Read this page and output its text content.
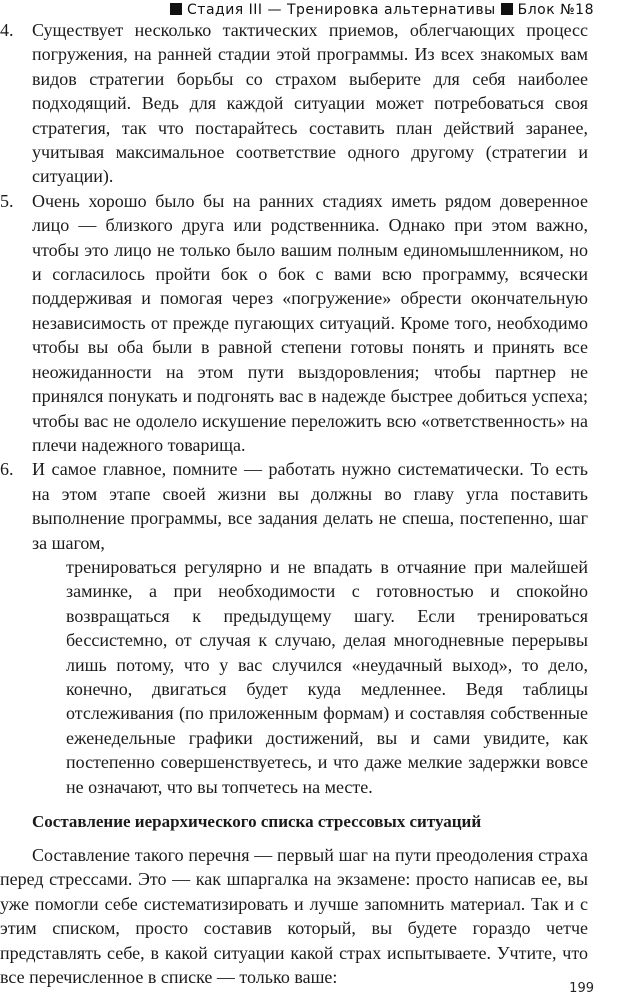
Стадия III — Тренировка альтернативы Блок №18
4.	Существует несколько тактических приемов, облегчающих процесс погружения, на ранней стадии этой программы. Из всех знакомых вам видов стратегии борьбы со страхом выберите для себя наиболее подходящий. Ведь для каждой ситуации может потребоваться своя стратегия, так что постарайтесь составить план действий заранее, учитывая максимальное соответствие одного другому (стратегии и ситуации).

5.	Очень хорошо было бы на ранних стадиях иметь рядом доверенное лицо — близкого друга или родственника. Однако при этом важно, чтобы это лицо не только было вашим полным единомышленником, но и согласилось пройти бок о бок с вами всю программу, всячески поддерживая и помогая через «погружение» обрести окончательную независимость от прежде пугающих ситуаций. Кроме того, необходимо чтобы вы оба были в равной степени готовы понять и принять все неожиданности на этом пути выздоровления; чтобы партнер не принялся понукать и подгонять вас в надежде быстрее добиться успеха; чтобы вас не одолело искушение переложить всю «ответственность» на плечи надежного товарища.

6.	И самое главное, помните — работать нужно систематически. То есть на этом этапе своей жизни вы должны во главу угла поставить выполнение программы, все задания делать не спеша, постепенно, шаг за шагом,

тренироваться регулярно и не впадать в отчаяние при малейшей заминке, а при необходимости с готовностью и спокойно возвращаться к предыдущему шагу. Если тренироваться бессистемно, от случая к случаю, делая многодневные перерывы лишь потому, что у вас случился «неудачный выход», то дело, конечно, двигаться будет куда медленнее. Ведя таблицы отслеживания (по приложенным формам) и составляя собственные еженедельные графики достижений, вы и сами увидите, как постепенно совершенствуетесь, и что даже мелкие задержки вовсе не означают, что вы топчетесь на месте.

Составление иерархического списка стрессовых ситуаций

Составление такого перечня — первый шаг на пути преодоления страха перед стрессами. Это — как шпаргалка на экзамене: просто написав ее, вы уже помогли себе систематизировать и лучше запомнить материал. Так и с этим списком, просто составив который, вы будете гораздо четче представлять себе, в какой ситуации какой страх испытываете. Учтите, что все перечисленное в списке — только ваше:

199
